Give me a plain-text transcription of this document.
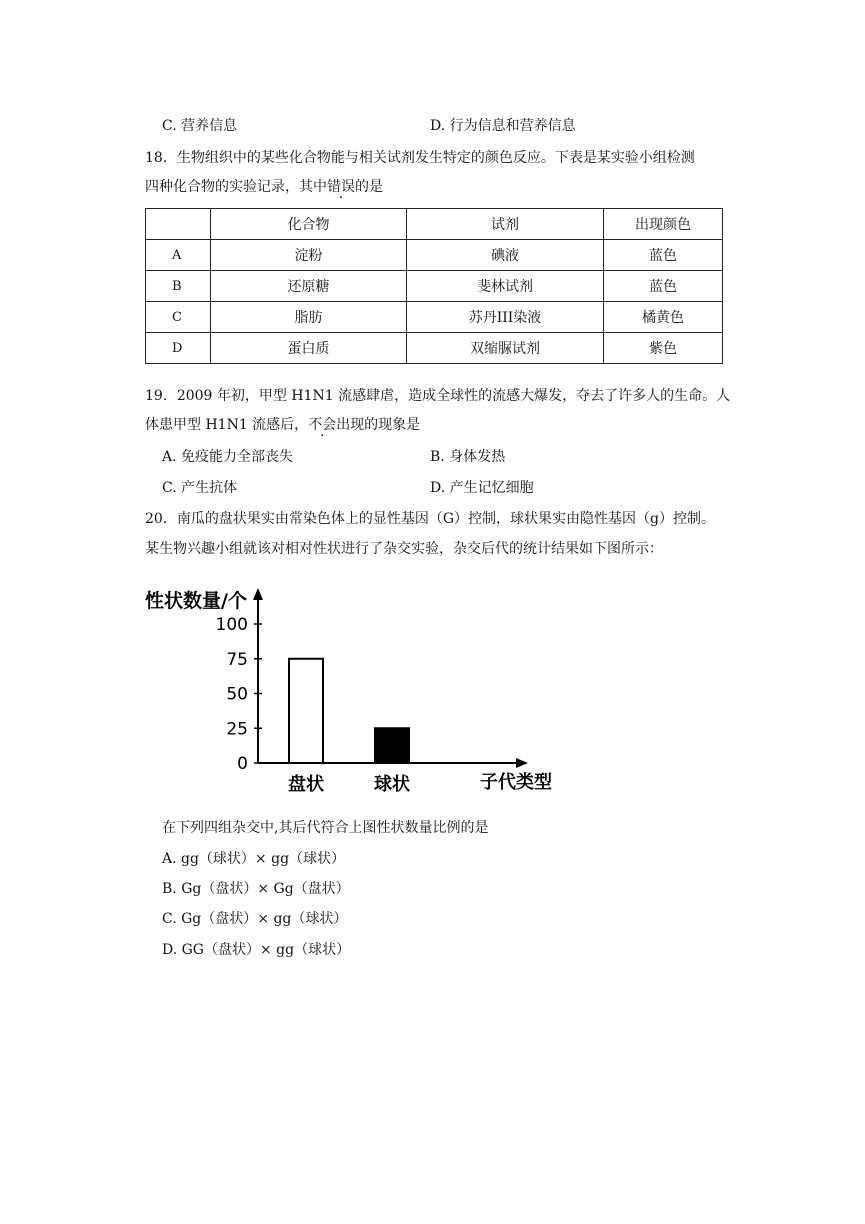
C. 营养信息	D. 行为信息和营养信息
18．生物组织中的某些化合物能与相关试剂发生特定的颜色反应。下表是某实验小组检测
四种化合物的实验记录，其中错误的是
	化合物	试剂	出现颜色
A	淀粉	碘液	蓝色
B	还原糖	斐林试剂	蓝色
C	脂肪	苏丹III染液	橘黄色
D	蛋白质	双缩脲试剂	紫色
19．2009 年初，甲型 H1N1 流感肆虐，造成全球性的流感大爆发，夺去了许多人的生命。人
体患甲型 H1N1 流感后，不会出现的现象是
A. 免疫能力全部丧失	B. 身体发热
C. 产生抗体	D. 产生记忆细胞
20．南瓜的盘状果实由常染色体上的显性基因（G）控制，球状果实由隐性基因（g）控制。
某生物兴趣小组就该对相对性状进行了杂交实验，杂交后代的统计结果如下图所示：
0
25
50
75
100
性状数量/个
子代类型
盘状	球状
在下列四组杂交中,其后代符合上图性状数量比例的是
A. gg（球状）× gg（球状）
B. Gg（盘状）× Gg（盘状）
C. Gg（盘状）× gg（球状）
D. GG（盘状）× gg（球状）
